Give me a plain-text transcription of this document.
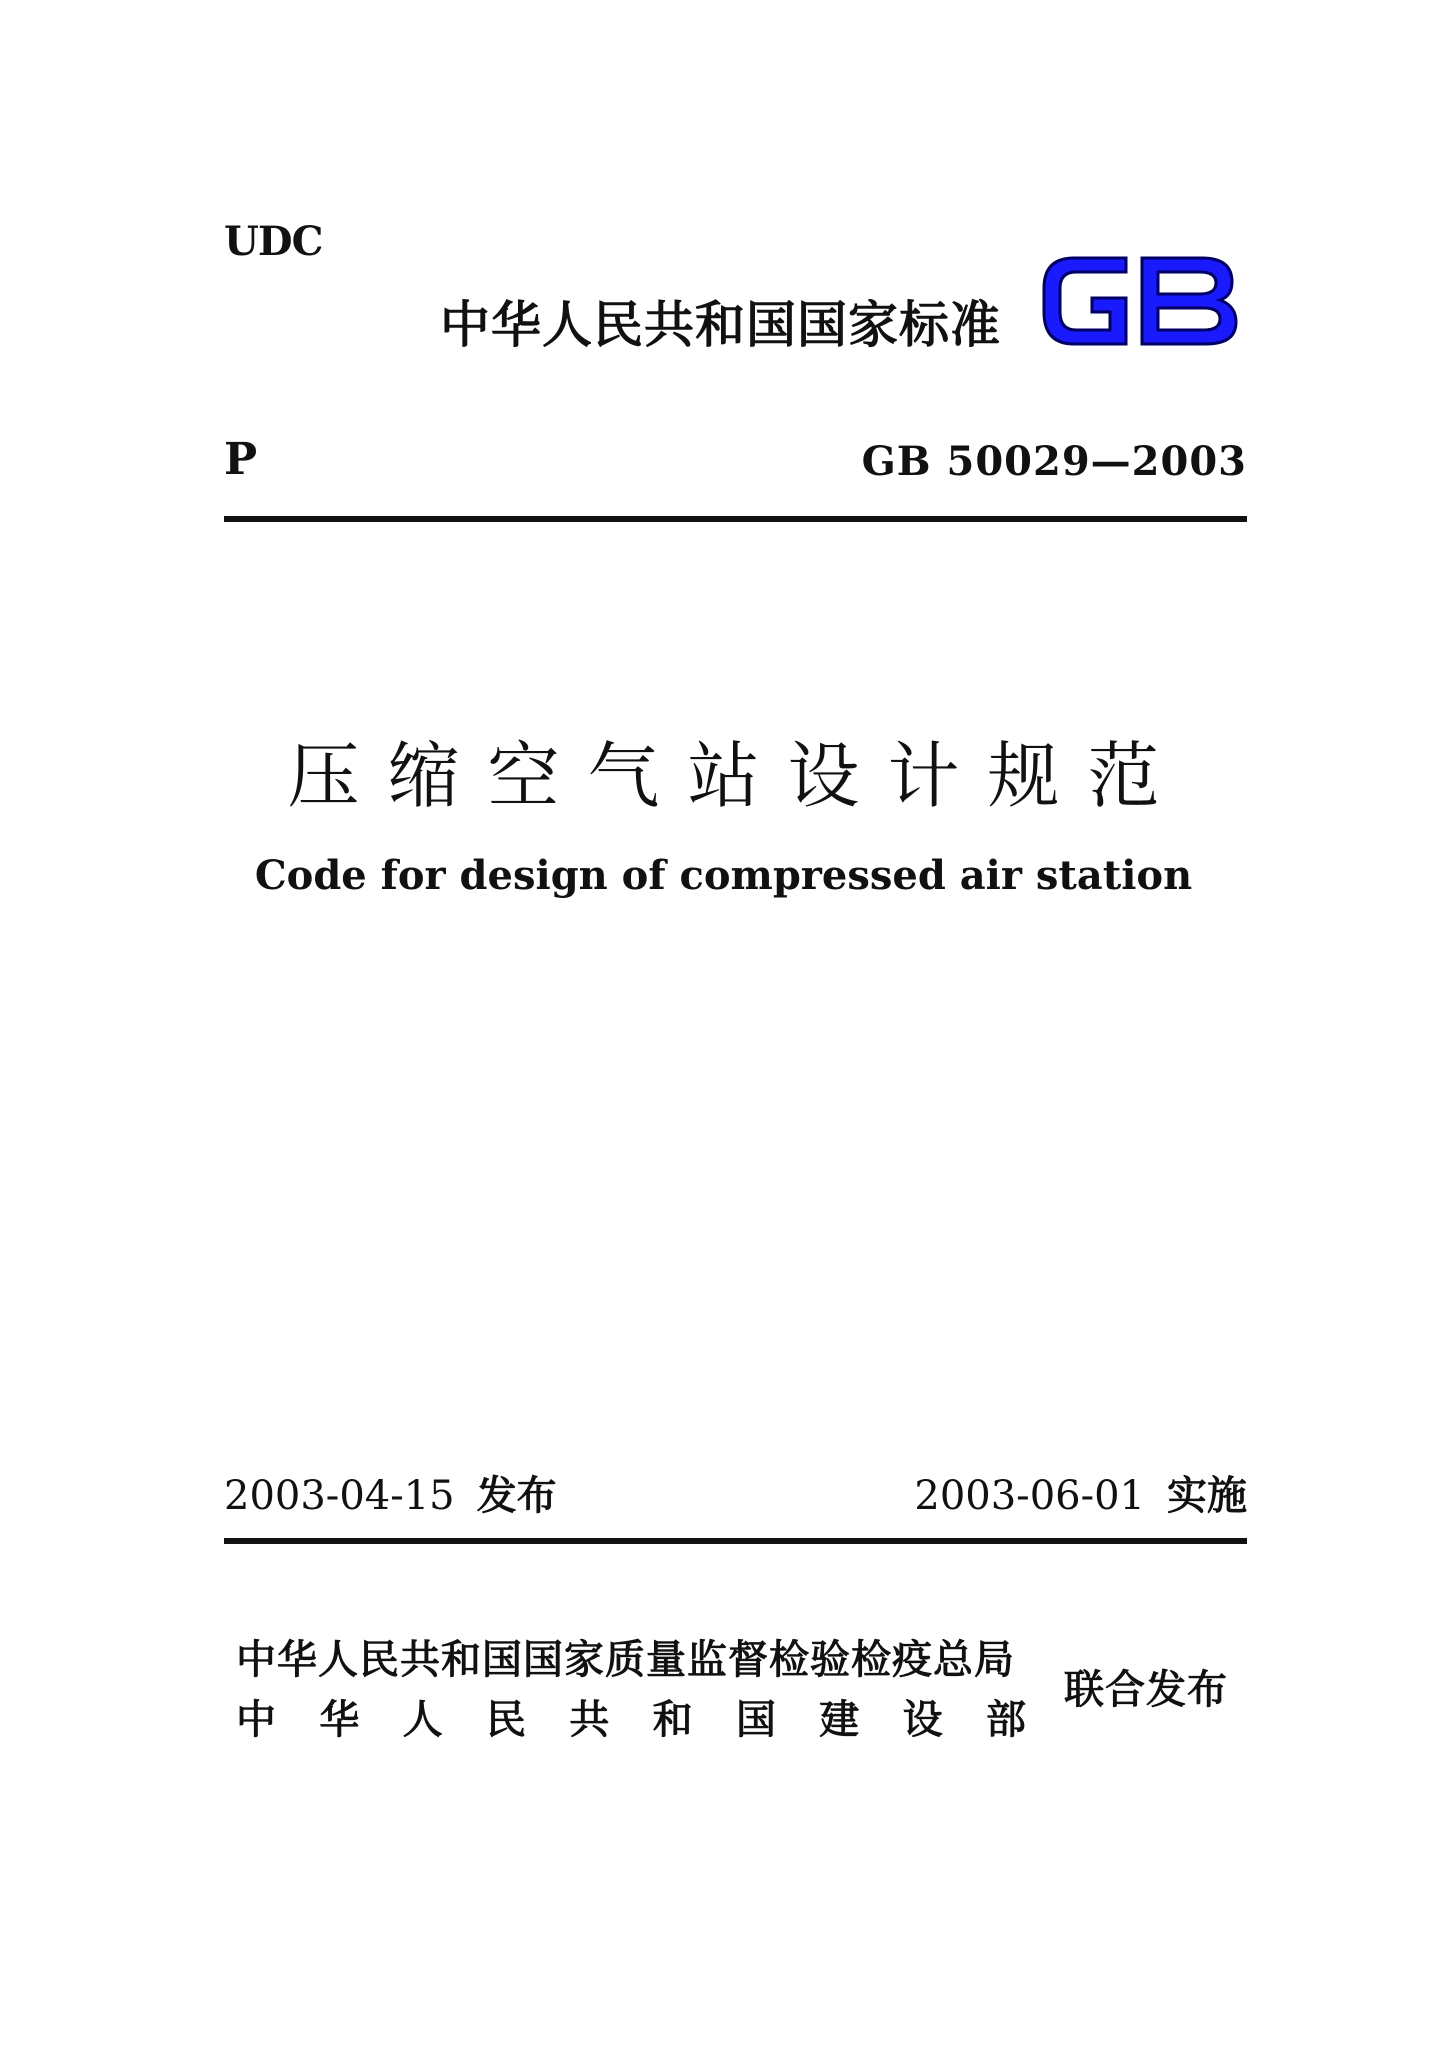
UDC
中华人民共和国国家标准
P	GB 50029—2003
压缩空气站设计规范
Code for design of compressed air station
2003-04-15 发布	2003-06-01 实施
中华人民共和国国家质量监督检验检疫总局
中 华 人 民 共 和 国 建 设 部
联合发布
